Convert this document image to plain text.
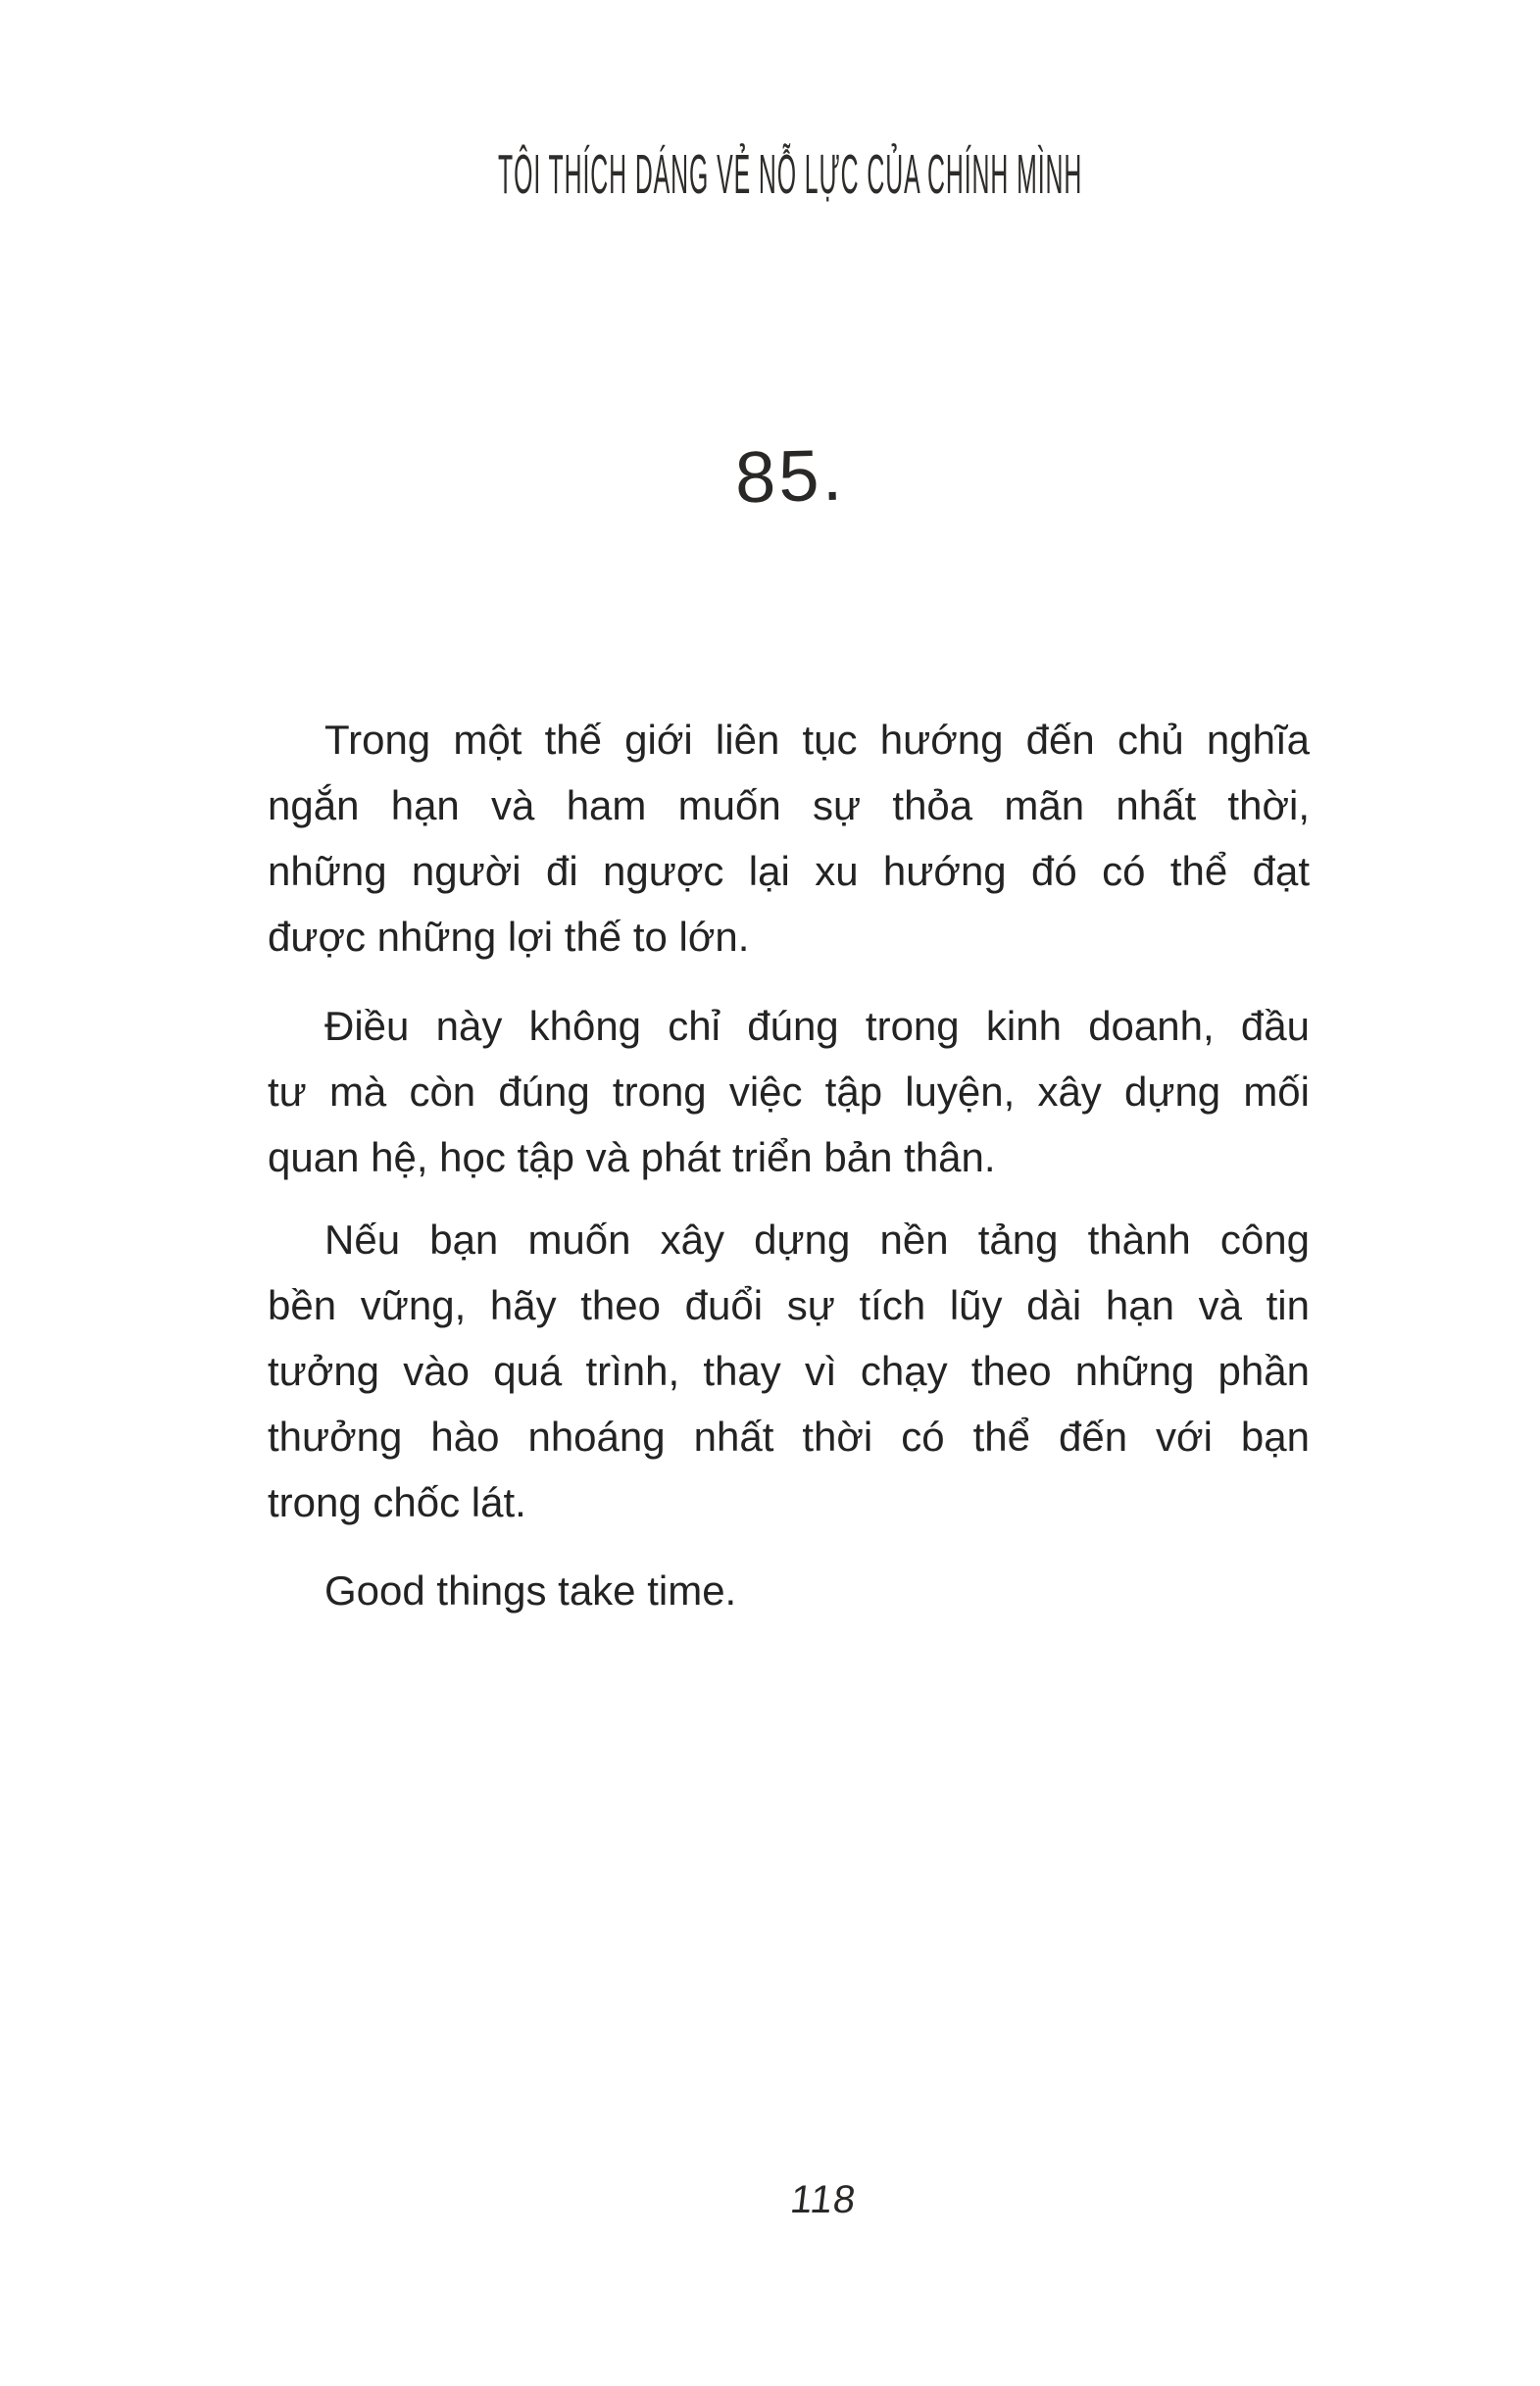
TÔI THÍCH DÁNG VẺ NỖ LỰC CỦA CHÍNH MÌNH
85.
Trong một thế giới liên tục hướng đến chủ nghĩa
ngắn hạn và ham muốn sự thỏa mãn nhất thời,
những người đi ngược lại xu hướng đó có thể đạt
được những lợi thế to lớn.
Điều này không chỉ đúng trong kinh doanh, đầu
tư mà còn đúng trong việc tập luyện, xây dựng mối
quan hệ, học tập và phát triển bản thân.
Nếu bạn muốn xây dựng nền tảng thành công
bền vững, hãy theo đuổi sự tích lũy dài hạn và tin
tưởng vào quá trình, thay vì chạy theo những phần
thưởng hào nhoáng nhất thời có thể đến với bạn
trong chốc lát.
Good things take time.
118
